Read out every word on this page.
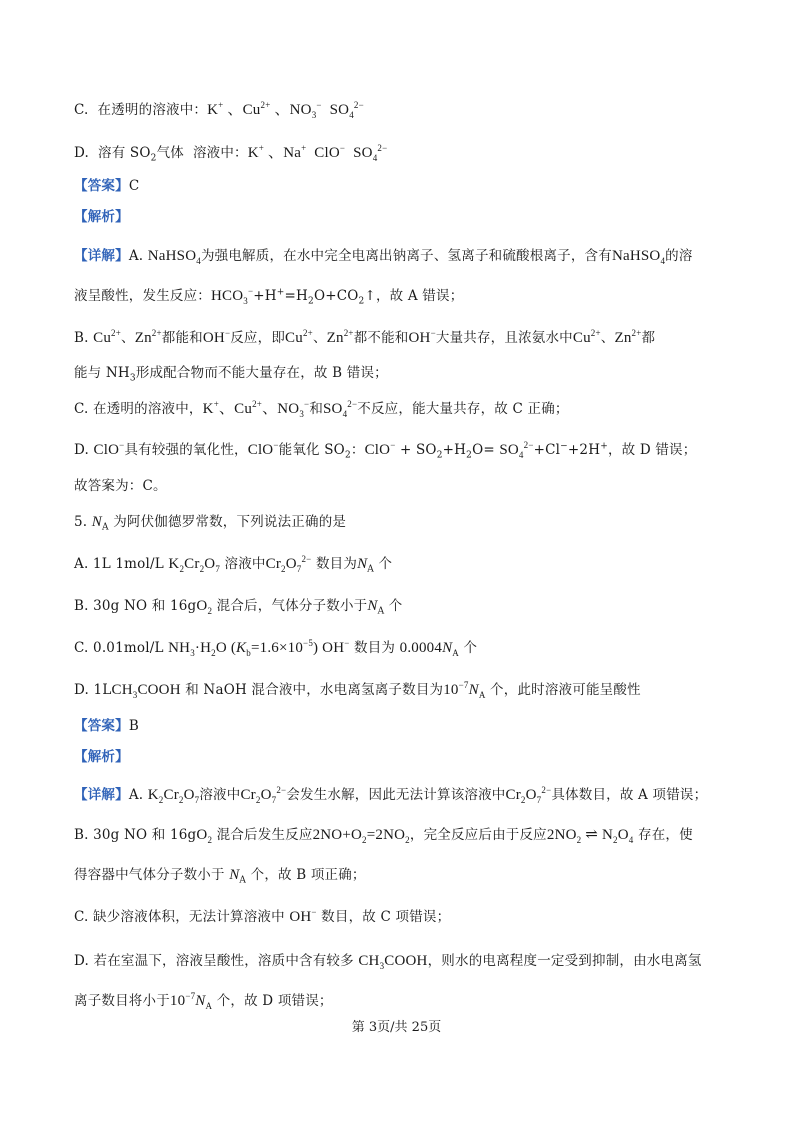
C.  在透明的溶液中：K+ 、$Cu^{2+}$ 、$NO_3^-$  $SO_4^{2-}$
D.  溶有 $SO_2$气体  溶液中：K+ 、Na+  ClO−  $SO_4^{2-}$
【答案】C
【解析】
【详解】A. NaHSO$_4$为强电解质，在水中完全电离出钠离子、氢离子和硫酸根离子，含有NaHSO$_4$的溶
液呈酸性，发生反应：$HCO_3^-+H^+=H_2O+CO_2↑$，故 A 错误；
B. $Cu^{2+}$、$Zn^{2+}$都能和OH−反应，即$Cu^{2+}$、$Zn^{2+}$都不能和OH−大量共存，且浓氨水中$Cu^{2+}$、$Zn^{2+}$都
能与 $NH_3$形成配合物而不能大量存在，故 B 错误；
C. 在透明的溶液中，K+、$Cu^{2+}$、$NO_3^-$和$SO_4^{2-}$不反应，能大量共存，故 C 正确；
D. ClO−具有较强的氧化性，ClO−能氧化 $SO_2$：$ClO^- + SO_2+H_2O= SO_4^{2-}+Cl^-+2H^+$，故 D 错误；
故答案为：C。
5. $N_A$ 为阿伏伽德罗常数，下列说法正确的是
A. 1L 1mol/L $K_2Cr_2O_7$ 溶液中$Cr_2O_7^{2-}$ 数目为$N_A$ 个
B. 30g NO 和 $16gO_2$ 混合后，气体分子数小于$N_A$ 个
C. 0.01mol/L $NH_3\cdot H_2O$ $(K_b=1.6\times 10^{-5})$ OH− 数目为 $0.0004N_A$ 个
D. $1LCH_3COOH$ 和 NaOH 混合液中，水电离氢离子数目为$10^{-7}N_A$ 个，此时溶液可能呈酸性
【答案】B
【解析】
【详解】A. $K_2Cr_2O_7$溶液中$Cr_2O_7^{2-}$会发生水解，因此无法计算该溶液中$Cr_2O_7^{2-}$具体数目，故 A 项错误；
B. 30g NO 和 $16gO_2$ 混合后发生反应$2NO+O_2=2NO_2$，完全反应后由于反应$2NO_2$ ⇌ $N_2O_4$ 存在，使
得容器中气体分子数小于 $N_A$ 个，故 B 项正确；
C. 缺少溶液体积，无法计算溶液中 OH− 数目，故 C 项错误；
D. 若在室温下，溶液呈酸性，溶质中含有较多 $CH_3COOH$，则水的电离程度一定受到抑制，由水电离氢
离子数目将小于$10^{-7}N_A$ 个，故 D 项错误；
第 3页/共 25页
